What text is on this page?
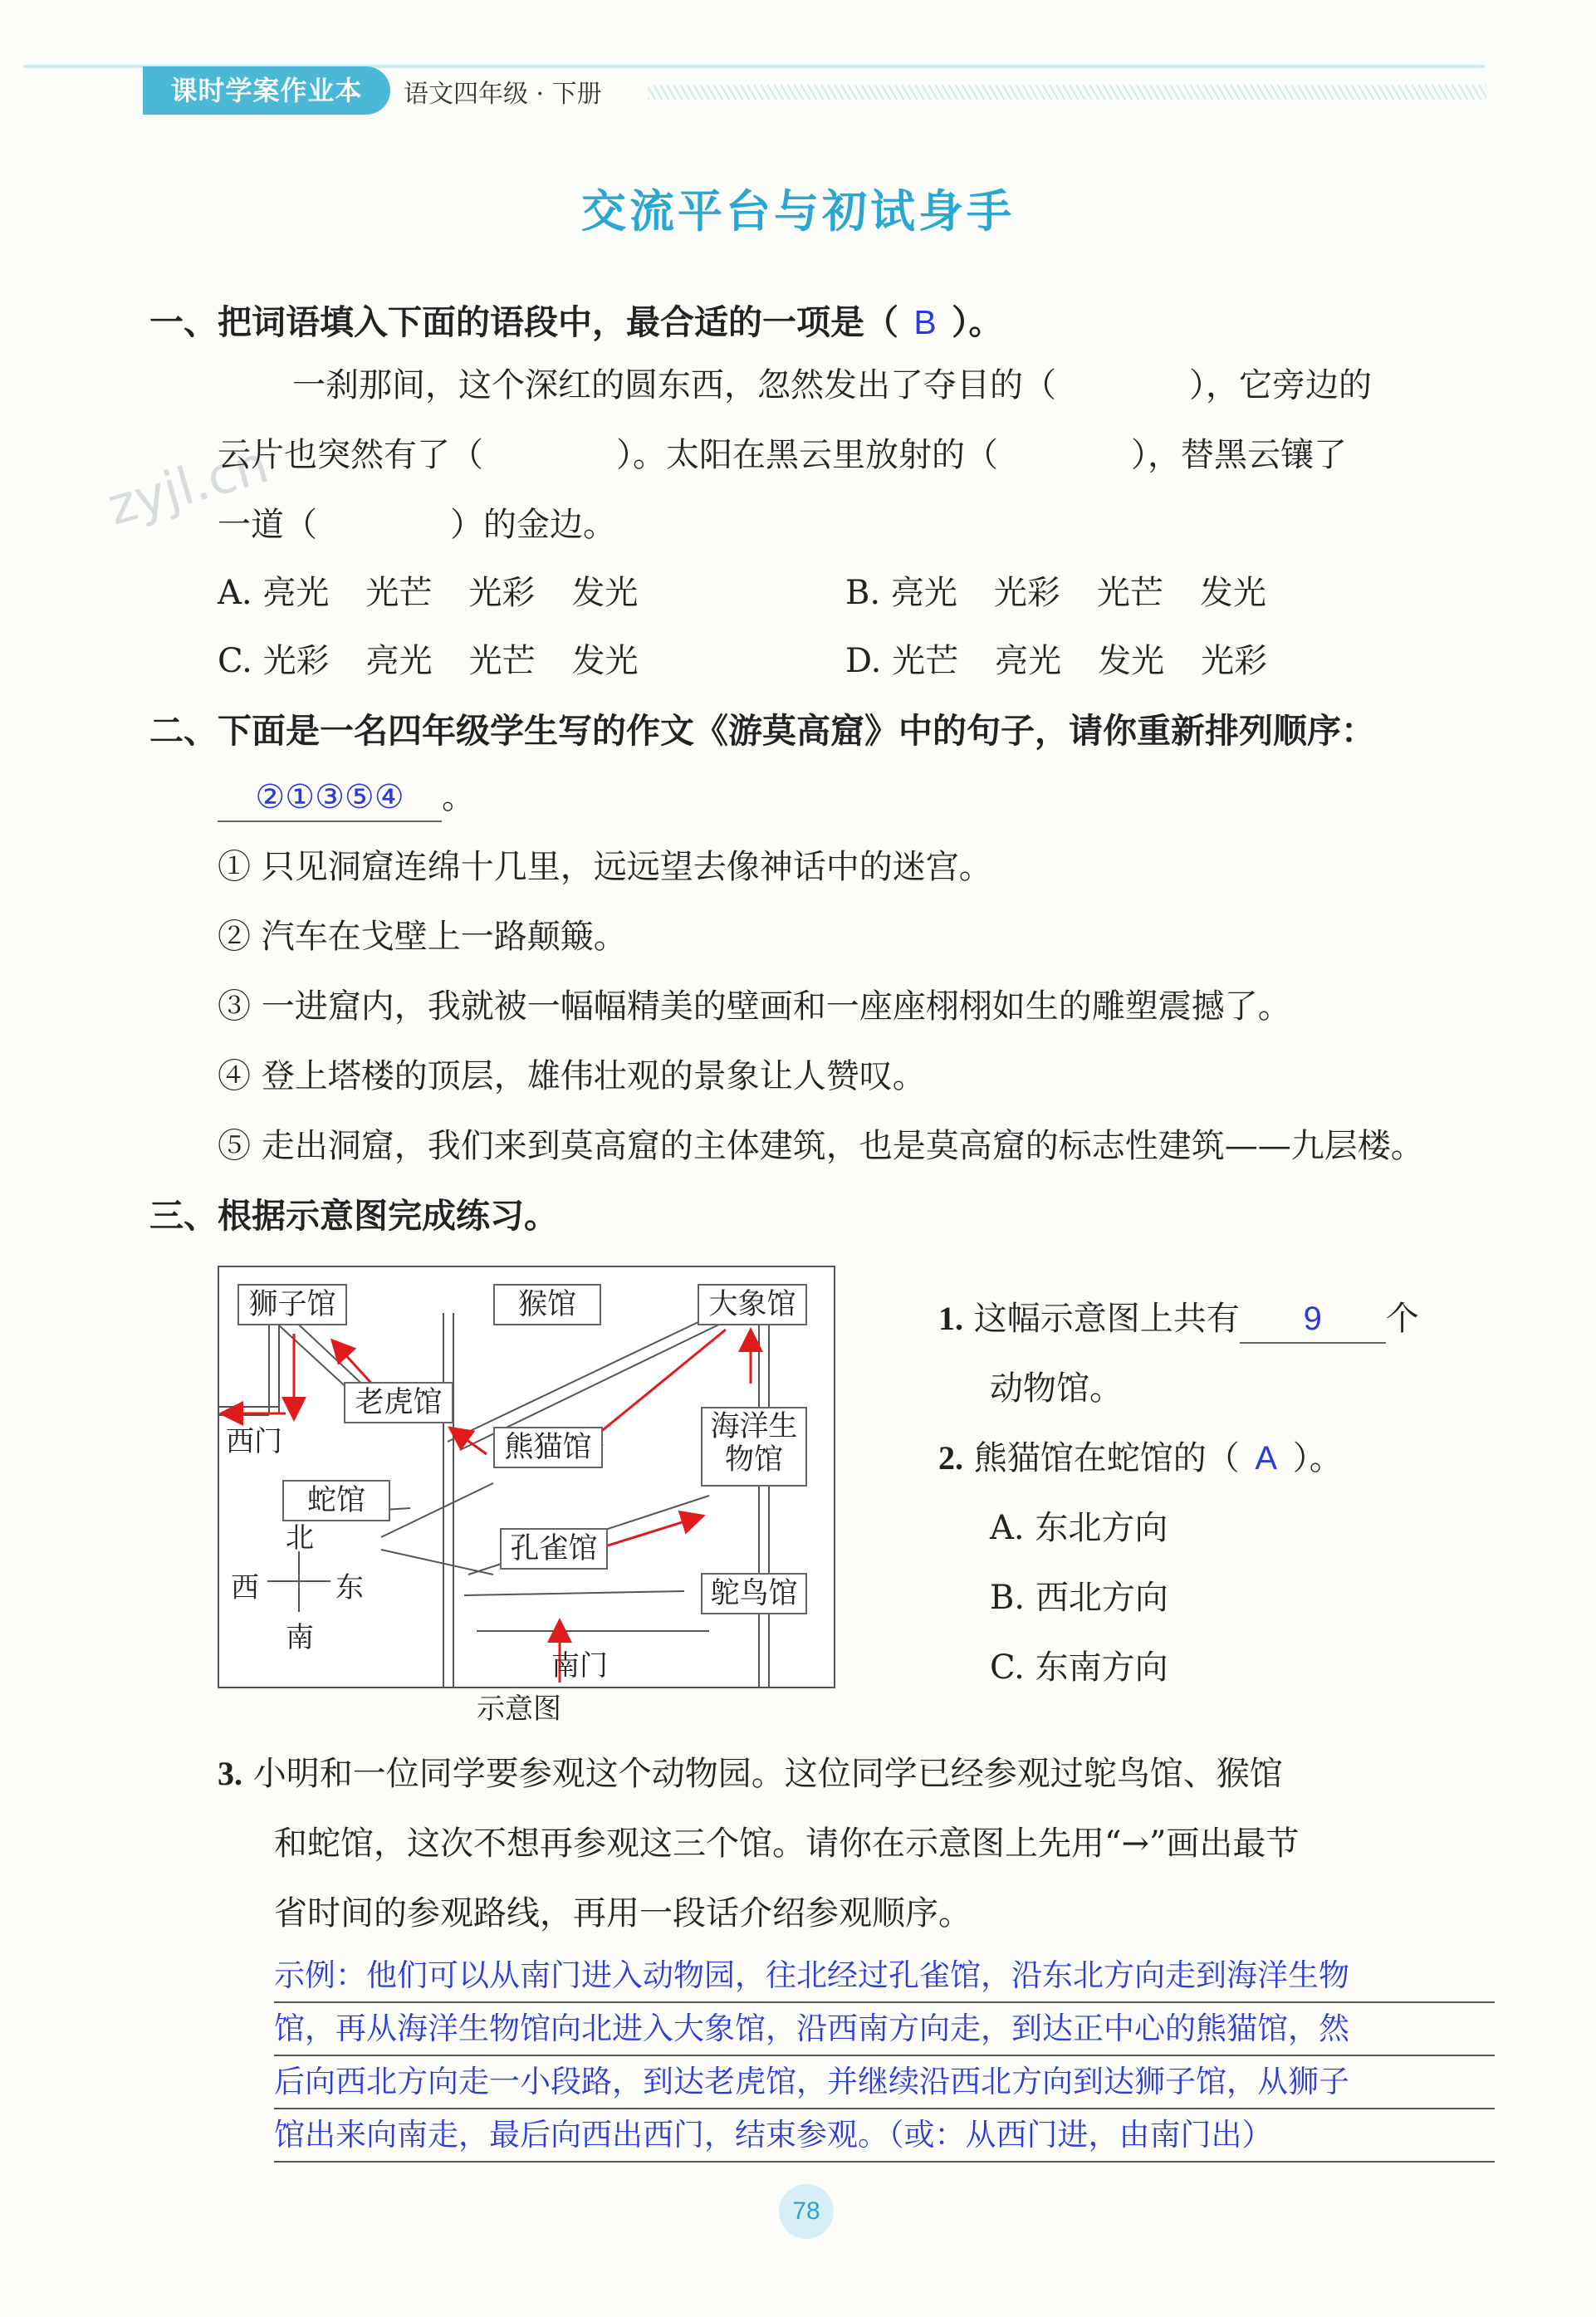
课时学案作业本	语文四年级 · 下册
交流平台与初试身手
zyjl.cn
一、把词语填入下面的语段中，最合适的一项是（ B ）。
一刹那间，这个深红的圆东西，忽然发出了夺目的（　　　　），它旁边的
云片也突然有了（　　　　）。太阳在黑云里放射的（　　　　），替黑云镶了
一道（　　　　）的金边。
A. 亮光 光芒 光彩 发光	B. 亮光 光彩 光芒 发光
C. 光彩 亮光 光芒 发光	D. 光芒 亮光 发光 光彩
二、下面是一名四年级学生写的作文《游莫高窟》中的句子，请你重新排列顺序：
②①③⑤④ 。
① 只见洞窟连绵十几里，远远望去像神话中的迷宫。
② 汽车在戈壁上一路颠簸。
③ 一进窟内，我就被一幅幅精美的壁画和一座座栩栩如生的雕塑震撼了。
④ 登上塔楼的顶层，雄伟壮观的景象让人赞叹。
⑤ 走出洞窟，我们来到莫高窟的主体建筑，也是莫高窟的标志性建筑——九层楼。
三、根据示意图完成练习。
狮子馆	猴馆	大象馆
老虎馆
熊猫馆
海洋生物馆
蛇馆
孔雀馆
鸵鸟馆
西门
南门
北
南
西	东
示意图
1. 这幅示意图上共有 9 个
动物馆。
2. 熊猫馆在蛇馆的（ A ）。
A. 东北方向
B. 西北方向
C. 东南方向
3. 小明和一位同学要参观这个动物园。这位同学已经参观过鸵鸟馆、猴馆
和蛇馆，这次不想再参观这三个馆。请你在示意图上先用“→”画出最节
省时间的参观路线，再用一段话介绍参观顺序。
示例：他们可以从南门进入动物园，往北经过孔雀馆，沿东北方向走到海洋生物
馆，再从海洋生物馆向北进入大象馆，沿西南方向走，到达正中心的熊猫馆，然
后向西北方向走一小段路，到达老虎馆，并继续沿西北方向到达狮子馆，从狮子
馆出来向南走，最后向西出西门，结束参观。（或：从西门进，由南门出）
78
